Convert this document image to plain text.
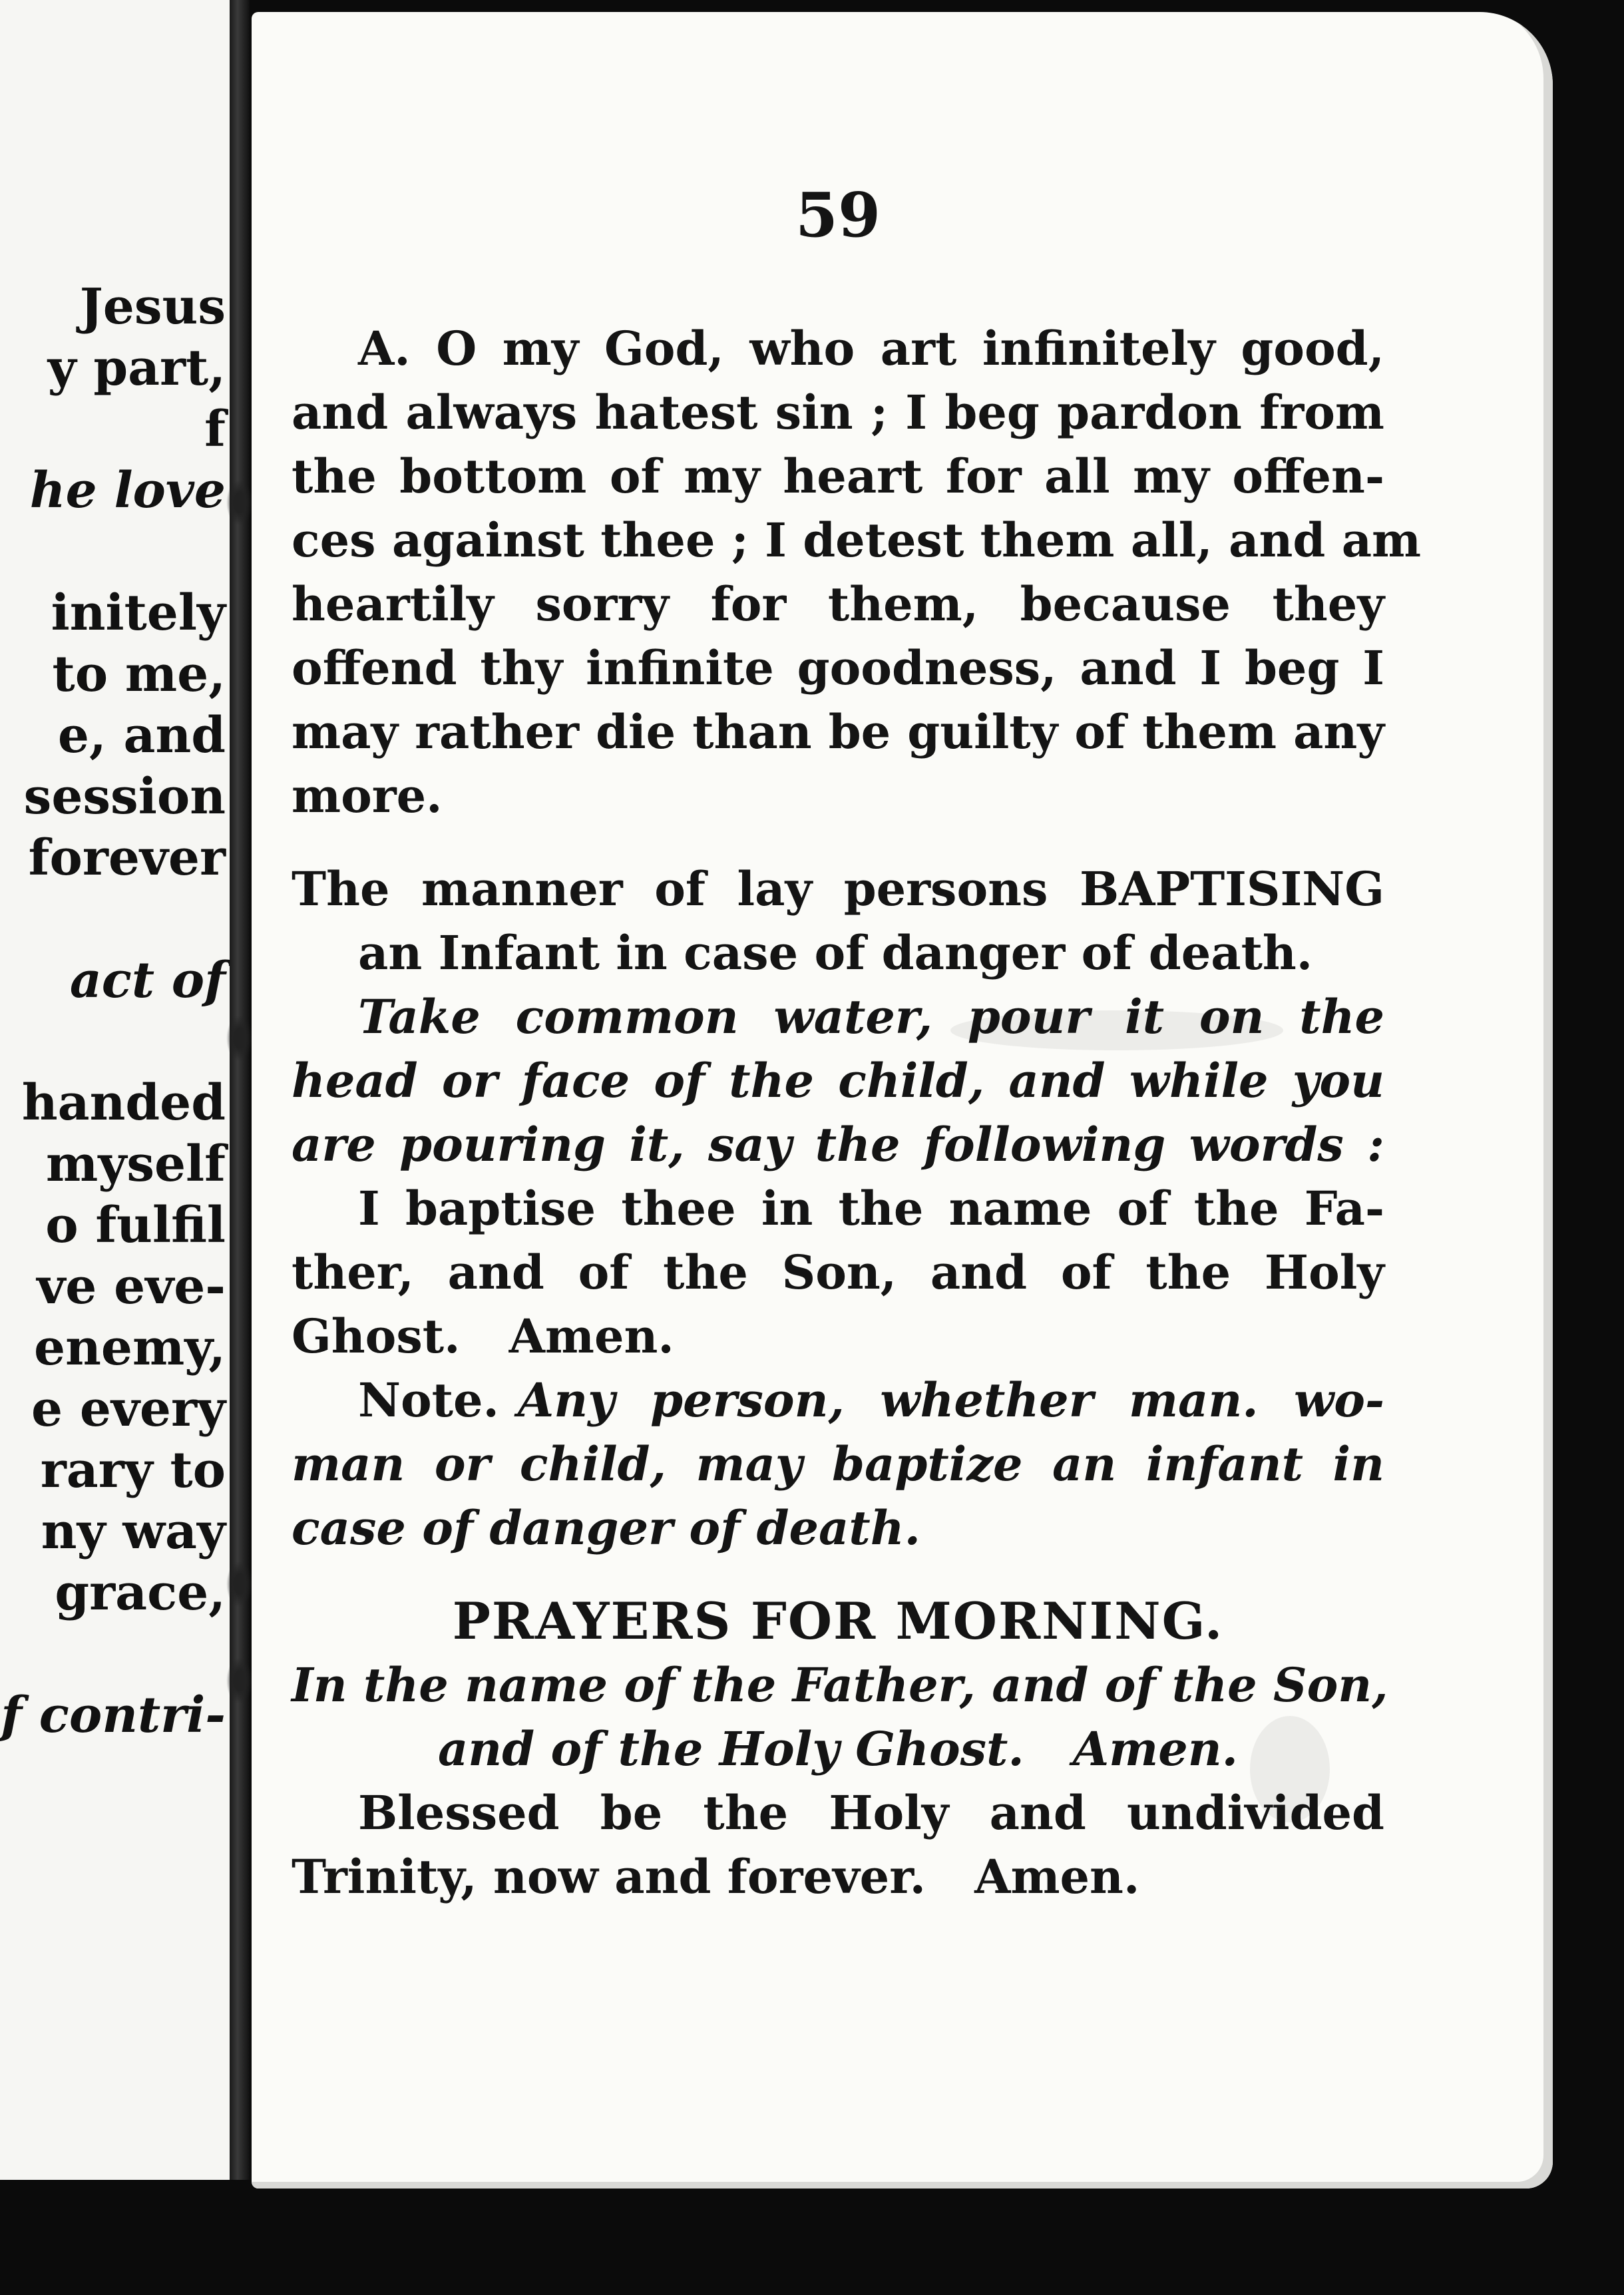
Jesus
y part,
f
he love

initely
to me,
e, and
session
forever

act of

handed
myself
o fulfil
ve eve-
enemy,
e every
rary to
ny way
grace,

f contri-
59
A. O my God, who art infinitely good,
and always hatest sin ; I beg pardon from
the bottom of my heart for all my offen-
ces against thee ; I detest them all, and am
heartily sorry for them, because they
offend thy infinite goodness, and I beg I
may rather die than be guilty of them any
more.
The manner of lay persons BAPTISING
an Infant in case of danger of death.
Take common water, pour it on the
head or face of the child, and while you
are pouring it, say the following words :
I baptise thee in the name of the Fa-
ther, and of the Son, and of the Holy
Ghost.   Amen.
Note. Any person, whether man. wo-
man or child, may baptize an infant in
case of danger of death.
PRAYERS FOR MORNING.
In the name of the Father, and of the Son,
and of the Holy Ghost.   Amen.
Blessed be the Holy and undivided
Trinity, now and forever.   Amen.
